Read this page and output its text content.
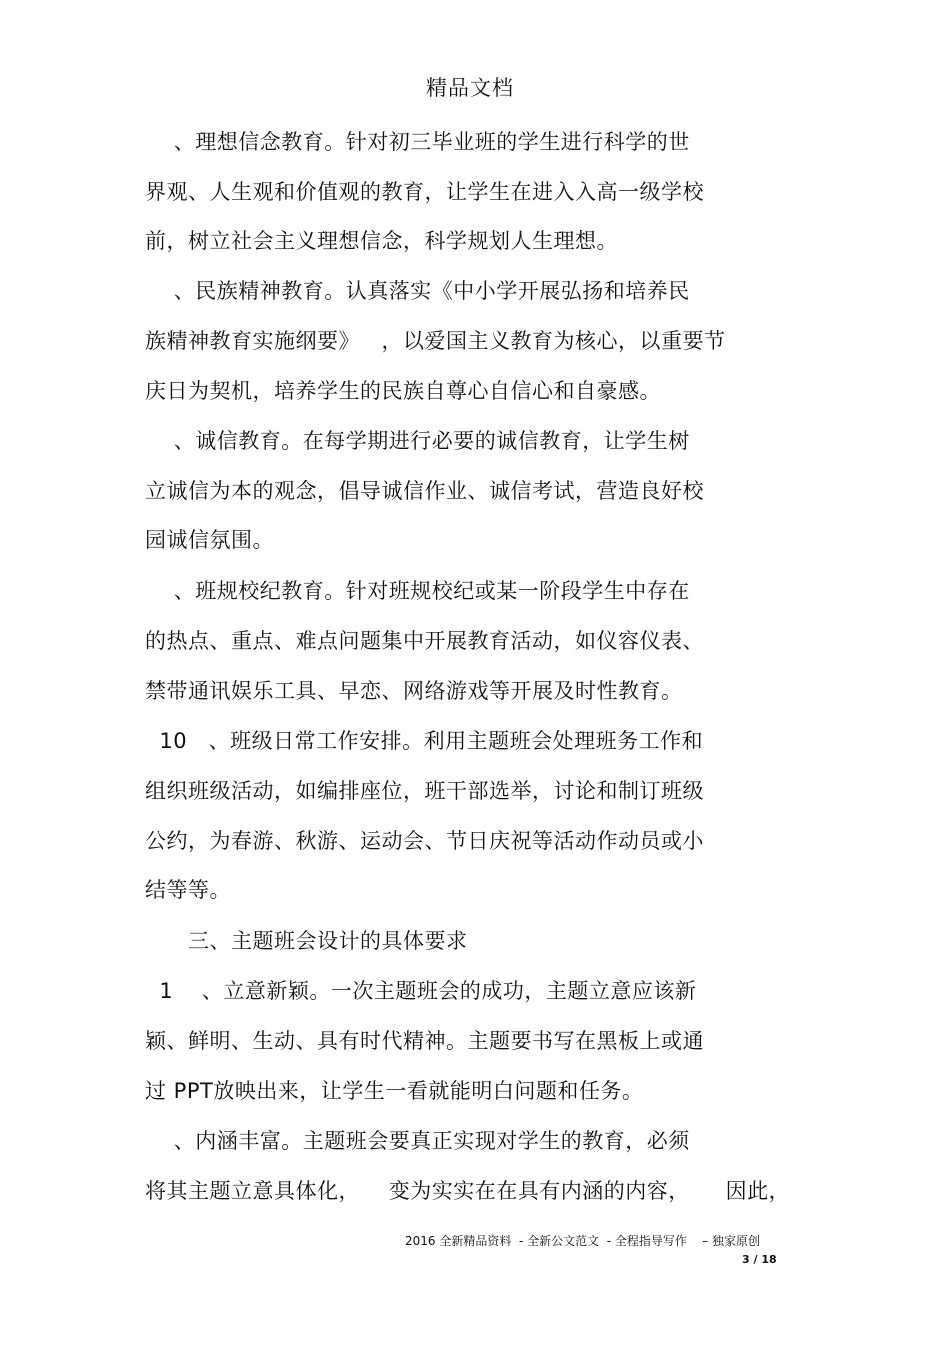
精品文档

、理想信念教育。针对初三毕业班的学生进行科学的世

界观、人生观和价值观的教育，让学生在进入入高一级学校

前，树立社会主义理想信念，科学规划人生理想。

、民族精神教育。认真落实《中小学开展弘扬和培养民

族精神教育实施纲要》   ，以爱国主义教育为核心，以重要节

庆日为契机，培养学生的民族自尊心自信心和自豪感。

、诚信教育。在每学期进行必要的诚信教育，让学生树

立诚信为本的观念，倡导诚信作业、诚信考试，营造良好校

园诚信氛围。

、班规校纪教育。针对班规校纪或某一阶段学生中存在

的热点、重点、难点问题集中开展教育活动，如仪容仪表、

禁带通讯娱乐工具、早恋、网络游戏等开展及时性教育。

10   、班级日常工作安排。利用主题班会处理班务工作和

组织班级活动，如编排座位，班干部选举，讨论和制订班级

公约，为春游、秋游、运动会、节日庆祝等活动作动员或小

结等等。

三、主题班会设计的具体要求

1    、立意新颖。一次主题班会的成功，主题立意应该新

颖、鲜明、生动、具有时代精神。主题要书写在黑板上或通

过 PPT放映出来，让学生一看就能明白问题和任务。

、内涵丰富。主题班会要真正实现对学生的教育，必须

将其主题立意具体化，    变为实实在在具有内涵的内容，     因此，

2016 全新精品资料  - 全新公文范文  - 全程指导写作    – 独家原创
3 / 18
